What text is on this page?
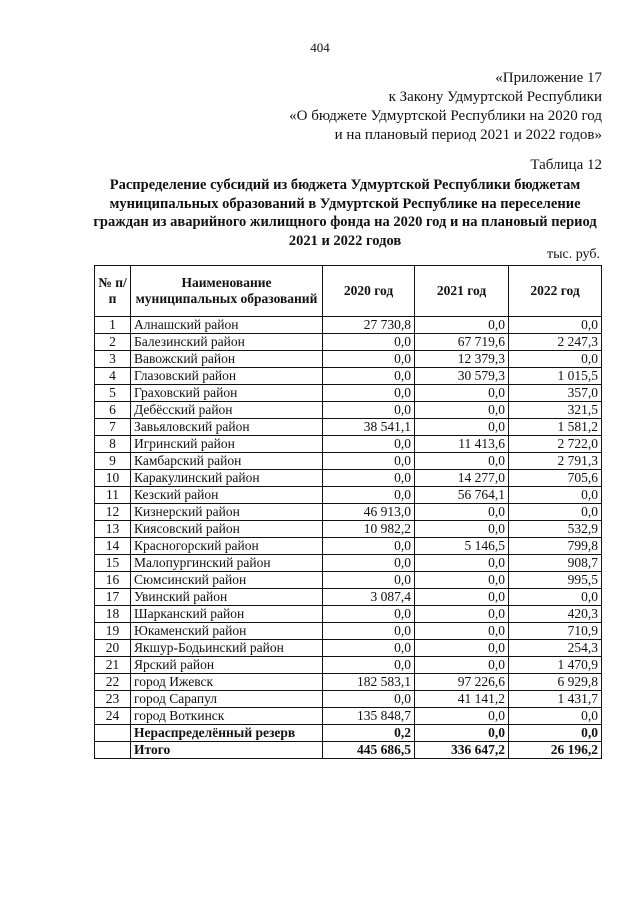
404
«Приложение 17
к Закону Удмуртской Республики
«О бюджете Удмуртской Республики на 2020 год
и на плановый период 2021 и 2022 годов»
Таблица 12
Распределение субсидий из бюджета Удмуртской Республики бюджетам муниципальных образований в Удмуртской Республике на переселение граждан из аварийного жилищного фонда на 2020 год и на плановый период 2021 и 2022 годов
тыс. руб.
№ п/п	Наименование муниципальных образований	2020 год	2021 год	2022 год
1	Алнашский район	27 730,8	0,0	0,0
2	Балезинский район	0,0	67 719,6	2 247,3
3	Вавожский район	0,0	12 379,3	0,0
4	Глазовский район	0,0	30 579,3	1 015,5
5	Граховский район	0,0	0,0	357,0
6	Дебёсский район	0,0	0,0	321,5
7	Завьяловский район	38 541,1	0,0	1 581,2
8	Игринский район	0,0	11 413,6	2 722,0
9	Камбарский район	0,0	0,0	2 791,3
10	Каракулинский район	0,0	14 277,0	705,6
11	Кезский район	0,0	56 764,1	0,0
12	Кизнерский район	46 913,0	0,0	0,0
13	Киясовский район	10 982,2	0,0	532,9
14	Красногорский район	0,0	5 146,5	799,8
15	Малопургинский район	0,0	0,0	908,7
16	Сюмсинский район	0,0	0,0	995,5
17	Увинский район	3 087,4	0,0	0,0
18	Шарканский район	0,0	0,0	420,3
19	Юкаменский район	0,0	0,0	710,9
20	Якшур-Бодьинский район	0,0	0,0	254,3
21	Ярский район	0,0	0,0	1 470,9
22	город Ижевск	182 583,1	97 226,6	6 929,8
23	город Сарапул	0,0	41 141,2	1 431,7
24	город Воткинск	135 848,7	0,0	0,0
	Нераспределённый резерв	0,2	0,0	0,0
	Итого	445 686,5	336 647,2	26 196,2
